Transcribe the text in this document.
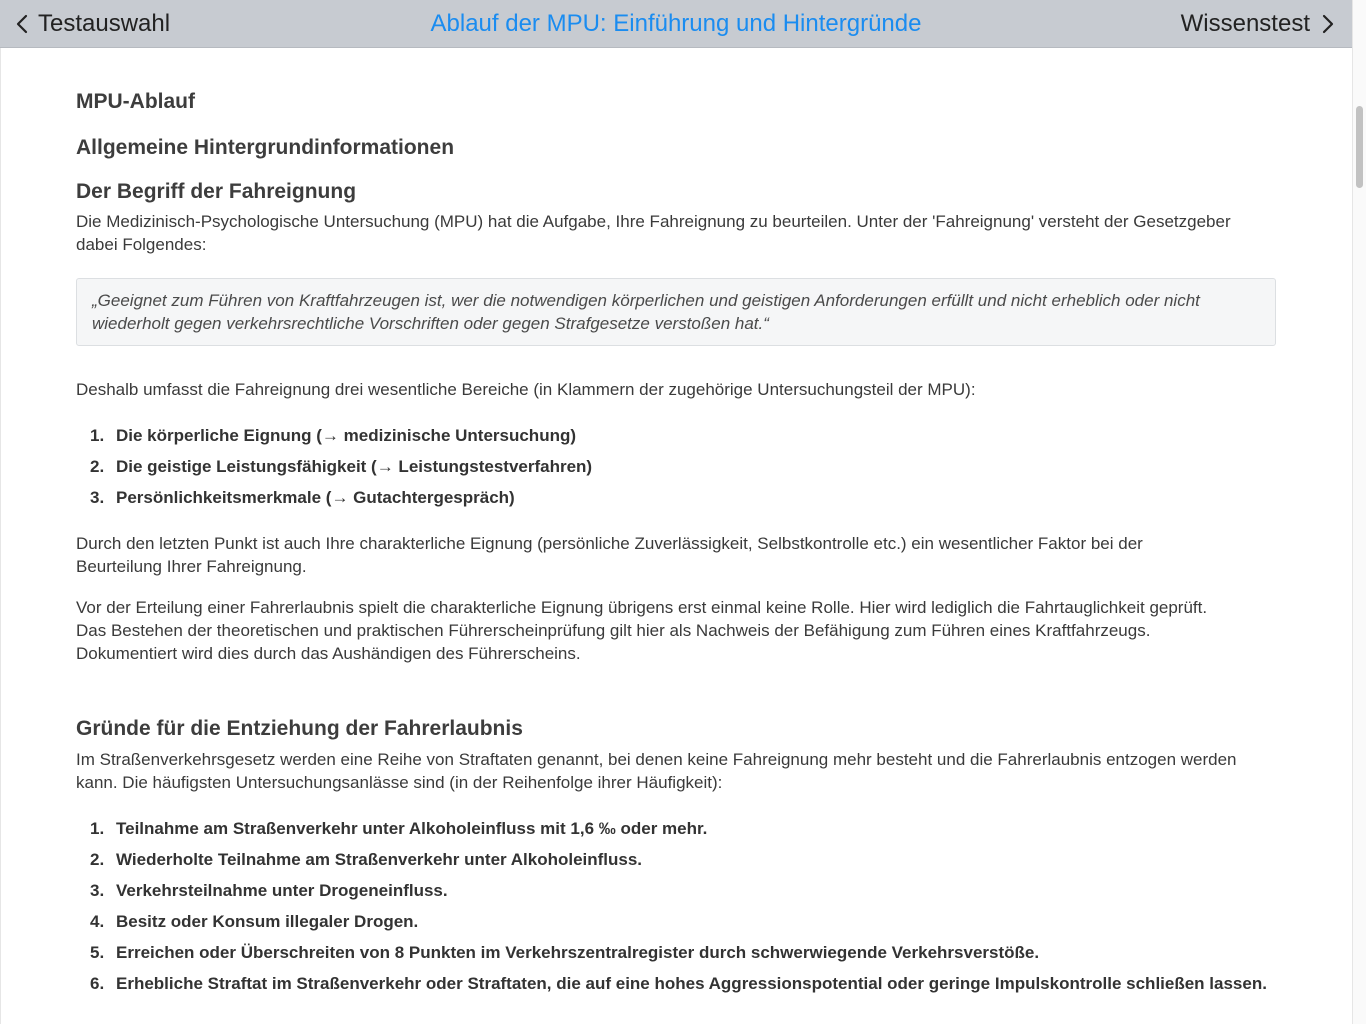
Testauswahl	Ablauf der MPU: Einführung und Hintergründe	Wissenstest
MPU-Ablauf
Allgemeine Hintergrundinformationen
Der Begriff der Fahreignung

Die Medizinisch-Psychologische Untersuchung (MPU) hat die Aufgabe, Ihre Fahreignung zu beurteilen. Unter der 'Fahreignung' versteht der Gesetzgeber dabei Folgendes:

„Geeignet zum Führen von Kraftfahrzeugen ist, wer die notwendigen körperlichen und geistigen Anforderungen erfüllt und nicht erheblich oder nicht wiederholt gegen verkehrsrechtliche Vorschriften oder gegen Strafgesetze verstoßen hat.“

Deshalb umfasst die Fahreignung drei wesentliche Bereiche (in Klammern der zugehörige Untersuchungsteil der MPU):

1. Die körperliche Eignung (→ medizinische Untersuchung)
2. Die geistige Leistungsfähigkeit (→ Leistungstestverfahren)
3. Persönlichkeitsmerkmale (→ Gutachtergespräch)

Durch den letzten Punkt ist auch Ihre charakterliche Eignung (persönliche Zuverlässigkeit, Selbstkontrolle etc.) ein wesentlicher Faktor bei der Beurteilung Ihrer Fahreignung.

Vor der Erteilung einer Fahrerlaubnis spielt die charakterliche Eignung übrigens erst einmal keine Rolle. Hier wird lediglich die Fahrtauglichkeit geprüft. Das Bestehen der theoretischen und praktischen Führerscheinprüfung gilt hier als Nachweis der Befähigung zum Führen eines Kraftfahrzeugs. Dokumentiert wird dies durch das Aushändigen des Führerscheins.

Gründe für die Entziehung der Fahrerlaubnis

Im Straßenverkehrsgesetz werden eine Reihe von Straftaten genannt, bei denen keine Fahreignung mehr besteht und die Fahrerlaubnis entzogen werden kann. Die häufigsten Untersuchungsanlässe sind (in der Reihenfolge ihrer Häufigkeit):

1. Teilnahme am Straßenverkehr unter Alkoholeinfluss mit 1,6 ‰ oder mehr.
2. Wiederholte Teilnahme am Straßenverkehr unter Alkoholeinfluss.
3. Verkehrsteilnahme unter Drogeneinfluss.
4. Besitz oder Konsum illegaler Drogen.
5. Erreichen oder Überschreiten von 8 Punkten im Verkehrszentralregister durch schwerwiegende Verkehrsverstöße.
6. Erhebliche Straftat im Straßenverkehr oder Straftaten, die auf eine hohes Aggressionspotential oder geringe Impulskontrolle schließen lassen.
